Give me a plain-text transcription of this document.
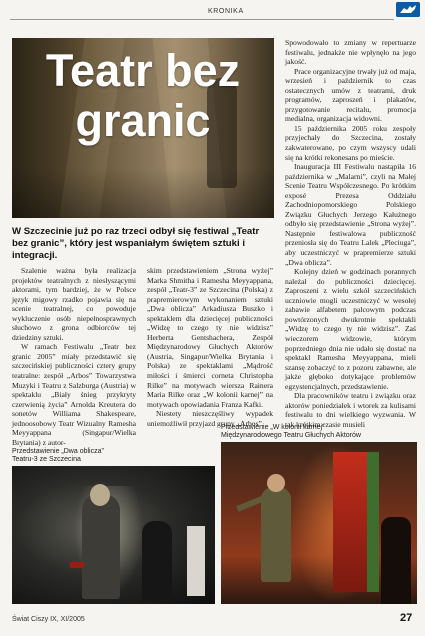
KRONIKA
Teatr bez
granic
W Szczecinie już po raz trzeci odbył się festiwal „Teatr bez granic”, który jest wspaniałym świętem sztuki i integracji.

Szalenie ważna była realizacja projektów teatralnych z niesłyszącymi aktorami, tym bardziej, że w Polsce język migowy rzadko pojawia się na scenie teatralnej, co powoduje wykluczenie osób niepełnosprawnych słuchowo z grona odbiorców tej dziedziny sztuki.

W ramach Festiwalu „Teatr bez granic 2005” miały przedstawić się szczecińskiej publiczności cztery grupy teatralne: zespół „Arbos” Towarzystwa Muzyki i Teatru z Salzburga (Austria) w spektaklu „Biały śnieg przykryty czerwienią życia” Arnolda Kreutera do sonetów Williama Shakespeare, jednoosobowy Teatr Wizualny Ramesha Meyyappana (Singapur/Wielka Brytania) z autor-

skim przedstawieniem „Strona wyżej” Marka Shmitha i Ramesha Meyyappana, zespół „Teatr-3” ze Szczecina (Polska) z prapremierowym wykonaniem sztuki „Dwa oblicza” Arkadiusza Buszko i spektaklem dla dziecięcej publiczności „Widzę to czego ty nie widzisz” Herberta Gentshachera, Zespół Międzynarodowy Głuchych Aktorów (Austria, Singapur/Wielka Brytania i Polska) ze spektaklami „Mądrość miłości i śmierci corneta Christopha Rilke” na motywach wiersza Rainera Maria Rilke oraz „W kolonii karnej” na motywach opowiadania Franza Kafki.

Niestety nieszczęśliwy wypadek uniemożliwił przyjazd grupy „Arbos”.

Spowodowało to zmiany w repertuarze festiwalu, jednakże nie wpłynęło na jego jakość.

Prace organizacyjne trwały już od maja, wrzesień i październik to czas ostatecznych umów z teatrami, druk programów, zaproszeń i plakatów, przygotowanie recitalu, promocja medialna, organizacja widowni.

15 października 2005 roku zespoły przyjechały do Szczecina, zostały zakwaterowane, po czym wszyscy udali się na krótki rekonesans po mieście.

Inauguracja III Festiwalu nastąpiła 16 października w „Malarni”, czyli na Małej Scenie Teatru Współczesnego. Po krótkim exposé Prezesa Oddziału Zachodniopomorskiego Polskiego Związku Głuchych Jerzego Kałużnego odbyło się przedstawienie „Strona wyżej”. Następnie festiwalowa publiczność przeniosła się do Teatru Lalek „Pleciuga”, aby uczestniczyć w prapremierze sztuki „Dwa oblicza”.

Kolejny dzień w godzinach porannych należał do publiczności dziecięcej. Zaproszeni z wielu szkół szczecińskich uczniowie mogli uczestniczyć w wesołej zabawie alfabetem palcowym podczas powtórzonych dwukrotnie spektakli „Widzę to czego ty nie widzisz”. Zaś wieczorem widzowie, którym poprzedniego dnia nie udało się dostać na spektakl Ramesha Meyyappana, mieli szansę zobaczyć to z pozoru zabawne, ale jakże głęboko dotykające problemów egzystencjalnych, przedstawienie.

Dla pracowników teatru i związku oraz aktorów poniedziałek i wtorek za kulisami festiwalu to dni wielkiego wyzwania. W tak krótkim czasie musieli

Przedstawienie „Dwa oblicza”
Teatru-3 ze Szczecina
Przedstawienie „W kolonii karnej”
Międzynarodowego Teatru Głuchych Aktorów
Świat Ciszy IX, XI/2005	27
